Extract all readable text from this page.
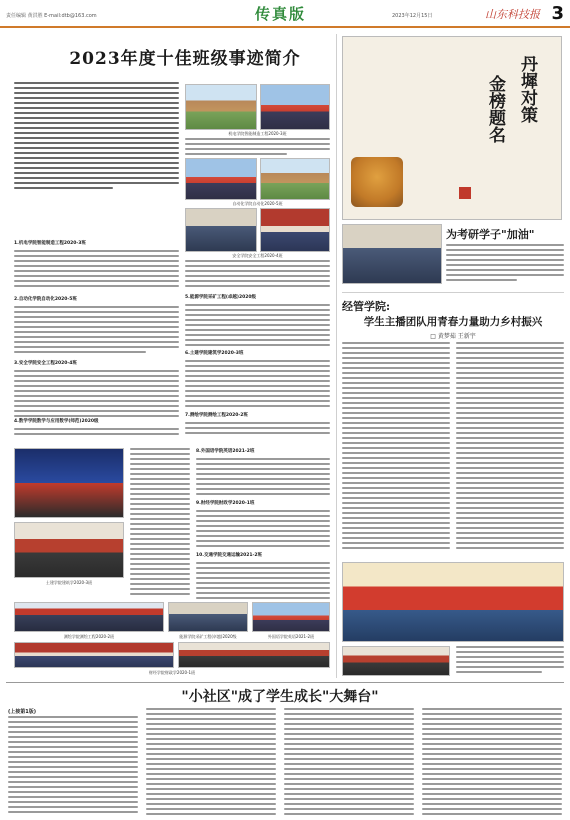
责任编辑 黄洪胜 E-mail:dtb@163.com	传真版	2023年12月15日	山东科技报 3
2023年度十佳班级事迹简介
1.机电学院智能制造工程2020-3班
2.自动化学院自动化2020-5班
3.安全学院安全工程2020-4班
4.数学学院数学与应用数学(师范)2020级
机电学院智能制造工程2020-3班
自动化学院自动化2020-5班
安全学院安全工程2020-4班
5.能源学院采矿工程(卓越)2020级
6.土建学院建筑学2020-3班
7.测绘学院测绘工程2020-2班
土建学院建筑学2020-3班
8.外国语学院英语2021-2班
9.财经学院财政学2020-1班
10.交通学院交通运输2021-2班
测绘学院测绘工程2020-2班	能源学院采矿工程(卓越)2020级	外国语学院英语2021-2班
财经学院财政学2020-1班
丹墀对策
金榜题名
为考研学子"加油"
经管学院:
学生主播团队用青春力量助力乡村振兴
□ 黄梦茹 王新宇
"小社区"成了学生成长"大舞台"
(上接第1版)
